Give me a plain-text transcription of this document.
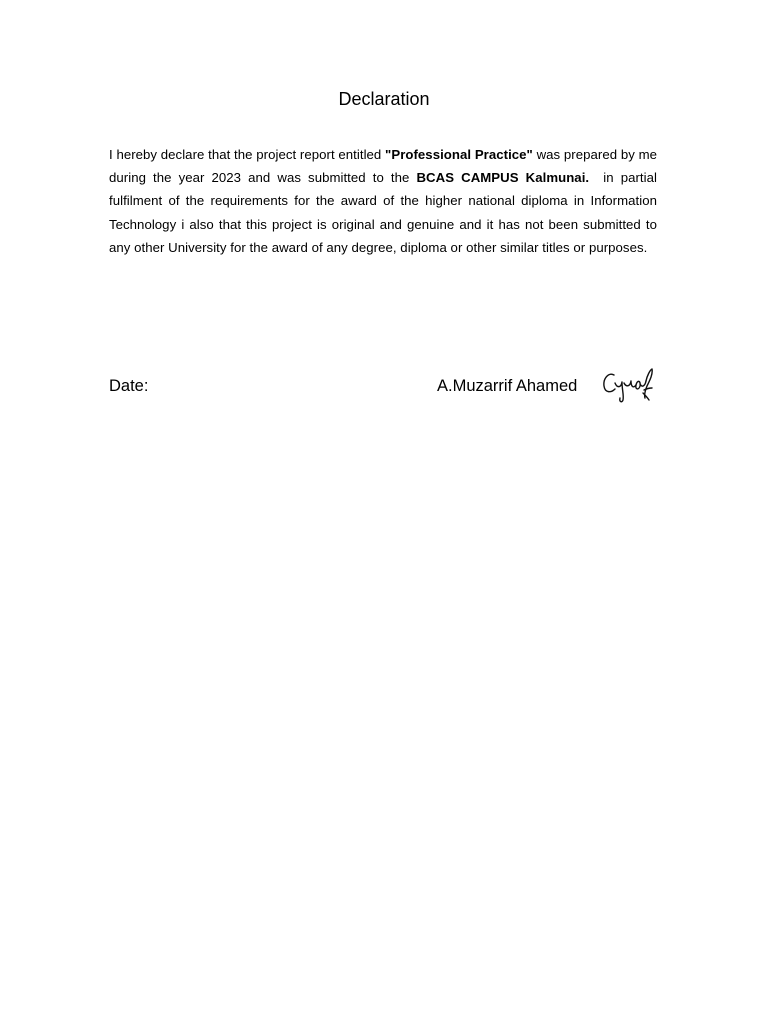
Declaration

I hereby declare that the project report entitled "Professional Practice" was prepared by me during the year 2023 and was submitted to the BCAS CAMPUS Kalmunai.  in partial fulfilment of the requirements for the award of the higher national diploma in Information Technology i also that this project is original and genuine and it has not been submitted to any other University for the award of any degree, diploma or other similar titles or purposes.

Date:	A.Muzarrif Ahamed
